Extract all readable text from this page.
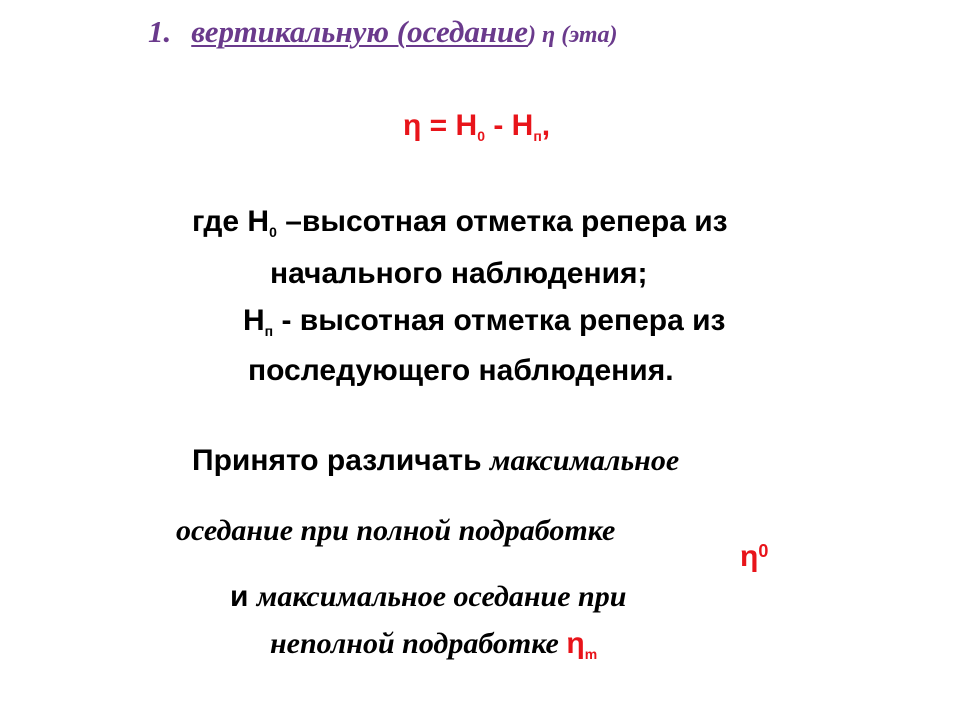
1. вертикальную (оседание) η (эта)
$\eta = Н_0 - Н_п$,
где $Н_0$ –высотная отметка репера из
начального наблюдения;
$Н_п$ - высотная отметка репера из
последующего наблюдения.
Принято различать максимальное
оседание при полной подработке
$\eta^0$
и максимальное оседание при
неполной подработке $\eta_m$
